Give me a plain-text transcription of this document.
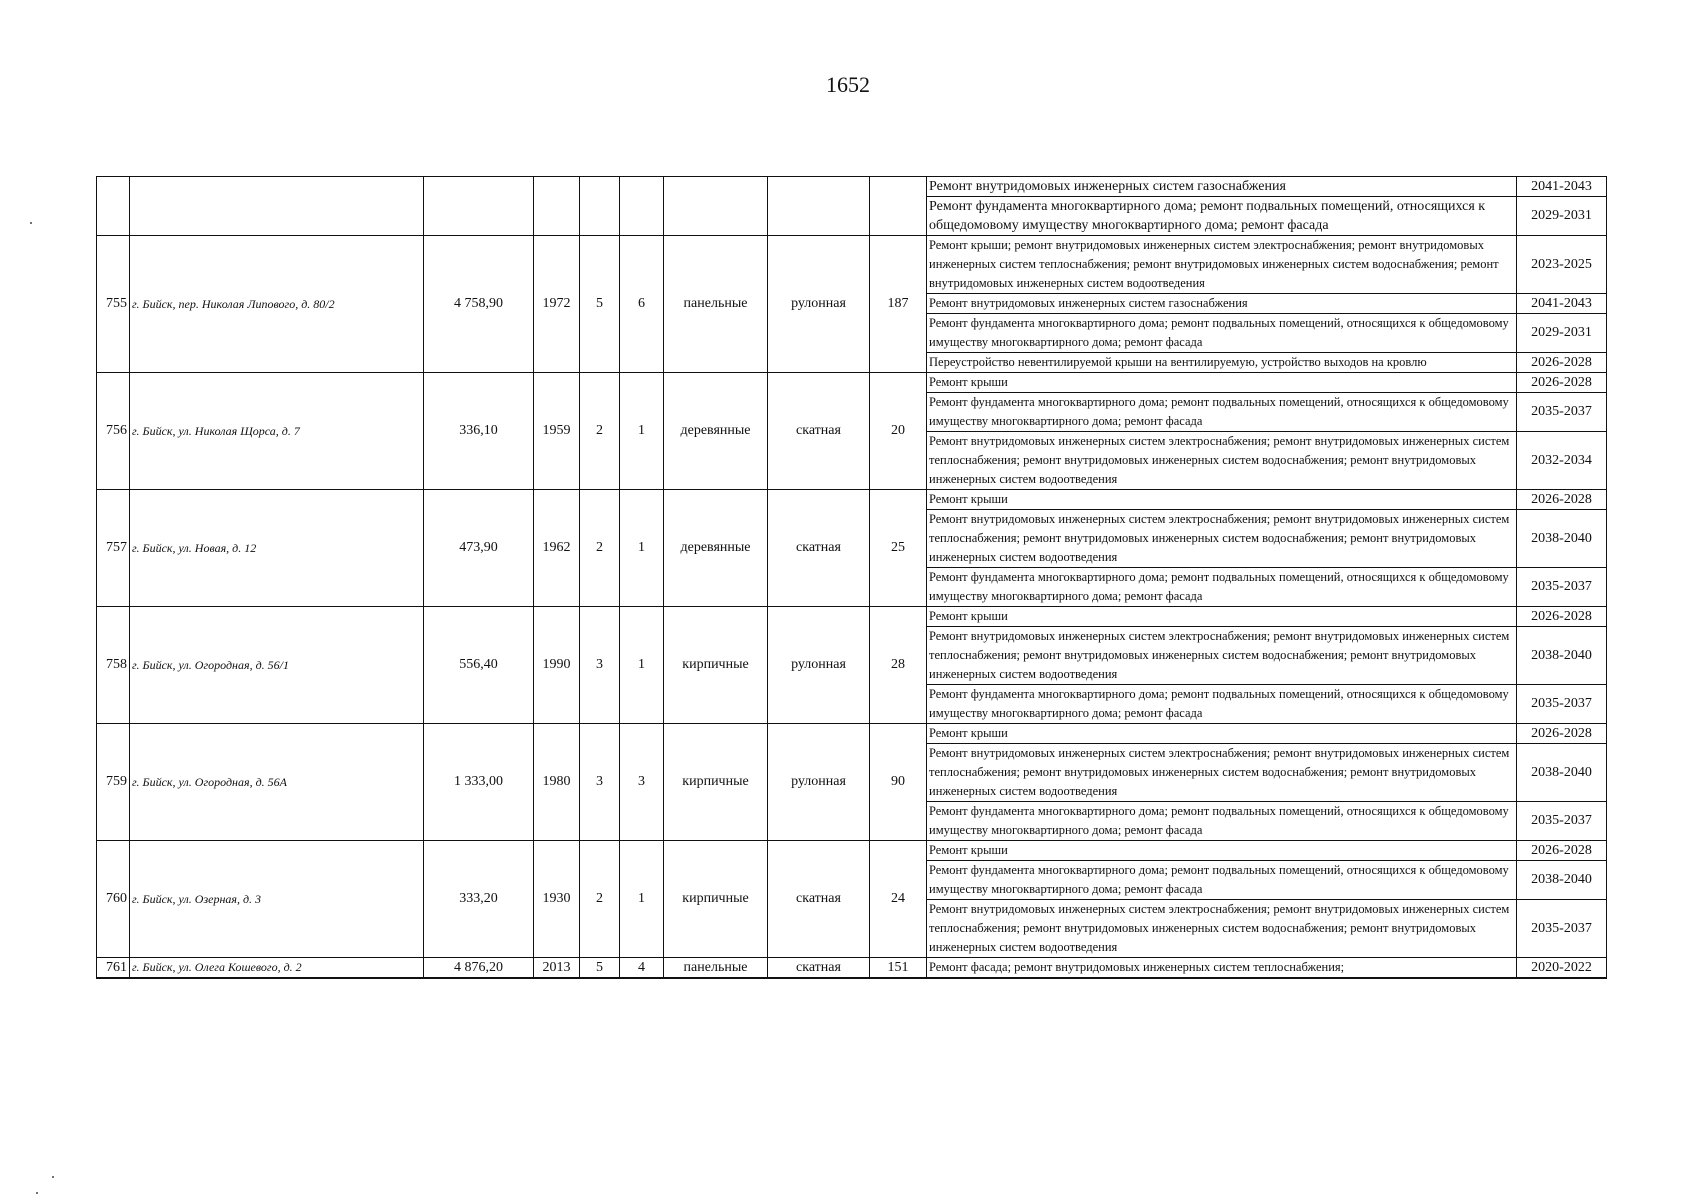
1652
									Ремонт внутридомовых инженерных систем газоснабжения	2041-2043
									Ремонт фундамента многоквартирного дома; ремонт подвальных помещений, относящихся к общедомовому имуществу многоквартирного дома; ремонт фасада	2029-2031
755	г. Бийск, пер. Николая Липового, д. 80/2	4 758,90	1972	5	6	панельные	рулонная	187	Ремонт крыши; ремонт внутридомовых инженерных систем электроснабжения; ремонт внутридомовых инженерных систем теплоснабжения; ремонт внутридомовых инженерных систем водоснабжения; ремонт внутридомовых инженерных систем водоотведения	2023-2025
									Ремонт внутридомовых инженерных систем газоснабжения	2041-2043
									Ремонт фундамента многоквартирного дома; ремонт подвальных помещений, относящихся к общедомовому имуществу многоквартирного дома; ремонт фасада	2029-2031
									Переустройство невентилируемой крыши на вентилируемую, устройство выходов на кровлю	2026-2028
756	г. Бийск, ул. Николая Щорса, д. 7	336,10	1959	2	1	деревянные	скатная	20	Ремонт крыши	2026-2028
									Ремонт фундамента многоквартирного дома; ремонт подвальных помещений, относящихся к общедомовому имуществу многоквартирного дома; ремонт фасада	2035-2037
									Ремонт внутридомовых инженерных систем электроснабжения; ремонт внутридомовых инженерных систем теплоснабжения; ремонт внутридомовых инженерных систем водоснабжения; ремонт внутридомовых инженерных систем водоотведения	2032-2034
757	г. Бийск, ул. Новая, д. 12	473,90	1962	2	1	деревянные	скатная	25	Ремонт крыши	2026-2028
									Ремонт внутридомовых инженерных систем электроснабжения; ремонт внутридомовых инженерных систем теплоснабжения; ремонт внутридомовых инженерных систем водоснабжения; ремонт внутридомовых инженерных систем водоотведения	2038-2040
									Ремонт фундамента многоквартирного дома; ремонт подвальных помещений, относящихся к общедомовому имуществу многоквартирного дома; ремонт фасада	2035-2037
758	г. Бийск, ул. Огородная, д. 56/1	556,40	1990	3	1	кирпичные	рулонная	28	Ремонт крыши	2026-2028
									Ремонт внутридомовых инженерных систем электроснабжения; ремонт внутридомовых инженерных систем теплоснабжения; ремонт внутридомовых инженерных систем водоснабжения; ремонт внутридомовых инженерных систем водоотведения	2038-2040
									Ремонт фундамента многоквартирного дома; ремонт подвальных помещений, относящихся к общедомовому имуществу многоквартирного дома; ремонт фасада	2035-2037
759	г. Бийск, ул. Огородная, д. 56А	1 333,00	1980	3	3	кирпичные	рулонная	90	Ремонт крыши	2026-2028
									Ремонт внутридомовых инженерных систем электроснабжения; ремонт внутридомовых инженерных систем теплоснабжения; ремонт внутридомовых инженерных систем водоснабжения; ремонт внутридомовых инженерных систем водоотведения	2038-2040
									Ремонт фундамента многоквартирного дома; ремонт подвальных помещений, относящихся к общедомовому имуществу многоквартирного дома; ремонт фасада	2035-2037
760	г. Бийск, ул. Озерная, д. 3	333,20	1930	2	1	кирпичные	скатная	24	Ремонт крыши	2026-2028
									Ремонт фундамента многоквартирного дома; ремонт подвальных помещений, относящихся к общедомовому имуществу многоквартирного дома; ремонт фасада	2038-2040
									Ремонт внутридомовых инженерных систем электроснабжения; ремонт внутридомовых инженерных систем теплоснабжения; ремонт внутридомовых инженерных систем водоснабжения; ремонт внутридомовых инженерных систем водоотведения	2035-2037
761	г. Бийск, ул. Олега Кошевого, д. 2	4 876,20	2013	5	4	панельные	скатная	151	Ремонт фасада; ремонт внутридомовых инженерных систем теплоснабжения;	2020-2022
